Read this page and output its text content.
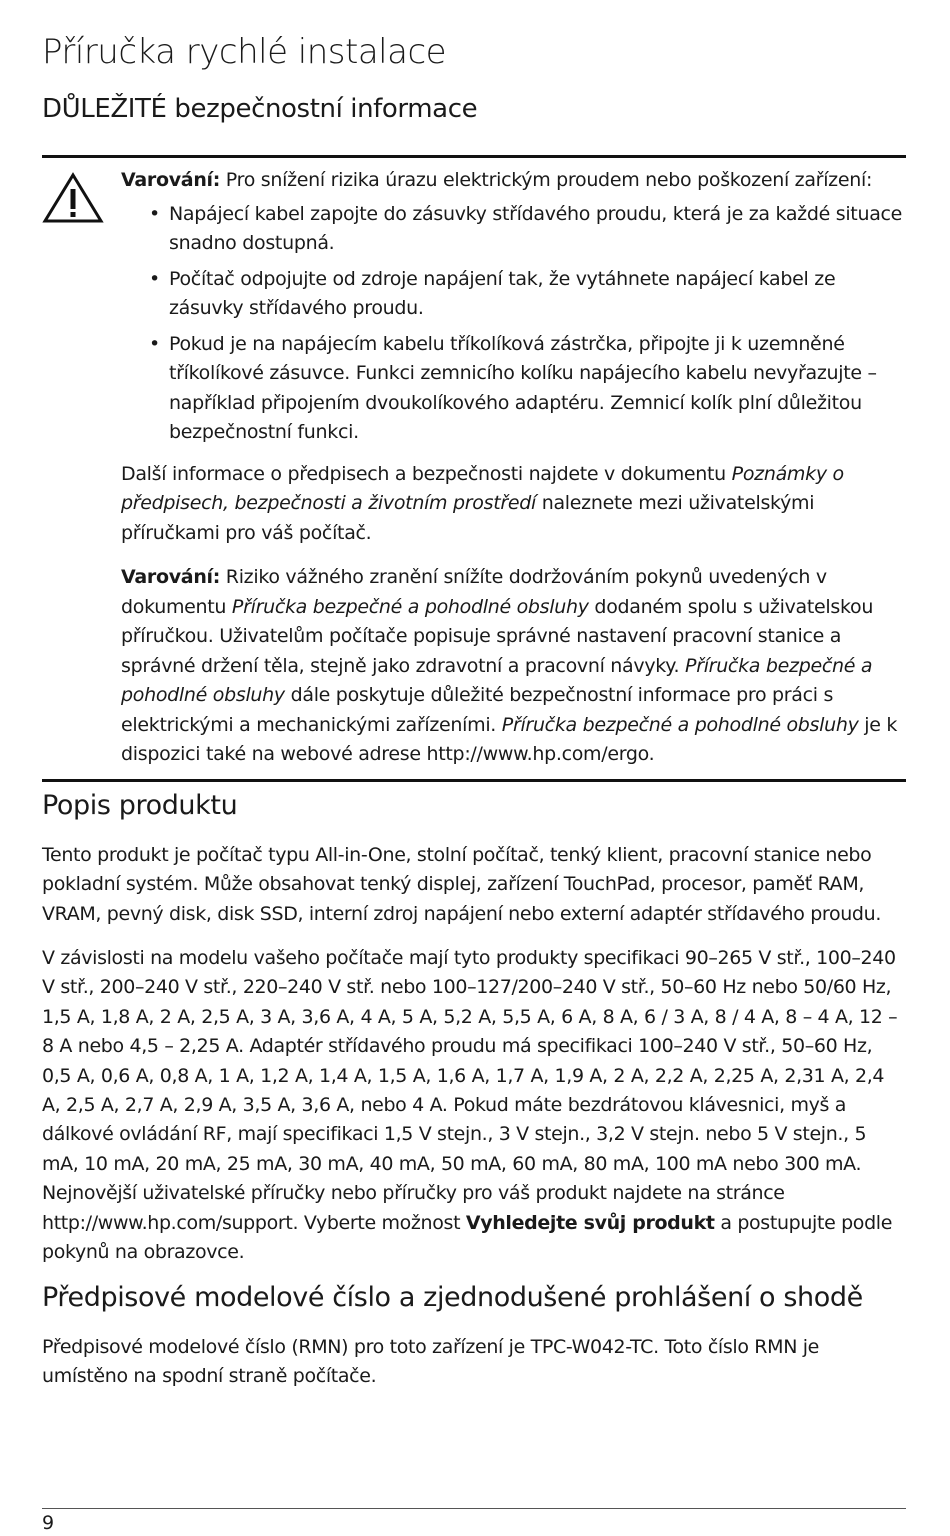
Příručka rychlé instalace
DŮLEŽITÉ bezpečnostní informace

Varování: Pro snížení rizika úrazu elektrickým proudem nebo poškození zařízení:

• Napájecí kabel zapojte do zásuvky střídavého proudu, která je za každé situace snadno dostupná.
• Počítač odpojujte od zdroje napájení tak, že vytáhnete napájecí kabel ze zásuvky střídavého proudu.
• Pokud je na napájecím kabelu tříkolíková zástrčka, připojte ji k uzemněné tříkolíkové zásuvce. Funkci zemnicího kolíku napájecího kabelu nevyřazujte – například připojením dvoukolíkového adaptéru. Zemnicí kolík plní důležitou bezpečnostní funkci.

Další informace o předpisech a bezpečnosti najdete v dokumentu Poznámky o předpisech, bezpečnosti a životním prostředí naleznete mezi uživatelskými příručkami pro váš počítač.

Varování: Riziko vážného zranění snížíte dodržováním pokynů uvedených v dokumentu Příručka bezpečné a pohodlné obsluhy dodaném spolu s uživatelskou příručkou. Uživatelům počítače popisuje správné nastavení pracovní stanice a správné držení těla, stejně jako zdravotní a pracovní návyky. Příručka bezpečné a pohodlné obsluhy dále poskytuje důležité bezpečnostní informace pro práci s elektrickými a mechanickými zařízeními. Příručka bezpečné a pohodlné obsluhy je k dispozici také na webové adrese http://www.hp.com/ergo.

Popis produktu

Tento produkt je počítač typu All-in-One, stolní počítač, tenký klient, pracovní stanice nebo pokladní systém. Může obsahovat tenký displej, zařízení TouchPad, procesor, paměť RAM, VRAM, pevný disk, disk SSD, interní zdroj napájení nebo externí adaptér střídavého proudu.

V závislosti na modelu vašeho počítače mají tyto produkty specifikaci 90–265 V stř., 100–240 V stř., 200–240 V stř., 220–240 V stř. nebo 100–127/200–240 V stř., 50–60 Hz nebo 50/60 Hz, 1,5 A, 1,8 A, 2 A, 2,5 A, 3 A, 3,6 A, 4 A, 5 A, 5,2 A, 5,5 A, 6 A, 8 A, 6 / 3 A, 8 / 4 A, 8 – 4 A, 12 – 8 A nebo 4,5 – 2,25 A. Adaptér střídavého proudu má specifikaci 100–240 V stř., 50–60 Hz, 0,5 A, 0,6 A, 0,8 A, 1 A, 1,2 A, 1,4 A, 1,5 A, 1,6 A, 1,7 A, 1,9 A, 2 A, 2,2 A, 2,25 A, 2,31 A, 2,4 A, 2,5 A, 2,7 A, 2,9 A, 3,5 A, 3,6 A, nebo 4 A. Pokud máte bezdrátovou klávesnici, myš a dálkové ovládání RF, mají specifikaci 1,5 V stejn., 3 V stejn., 3,2 V stejn. nebo 5 V stejn., 5 mA, 10 mA, 20 mA, 25 mA, 30 mA, 40 mA, 50 mA, 60 mA, 80 mA, 100 mA nebo 300 mA. Nejnovější uživatelské příručky nebo příručky pro váš produkt najdete na stránce http://www.hp.com/support. Vyberte možnost Vyhledejte svůj produkt a postupujte podle pokynů na obrazovce.

Předpisové modelové číslo a zjednodušené prohlášení o shodě

Předpisové modelové číslo (RMN) pro toto zařízení je TPC-W042-TC. Toto číslo RMN je umístěno na spodní straně počítače.

9
